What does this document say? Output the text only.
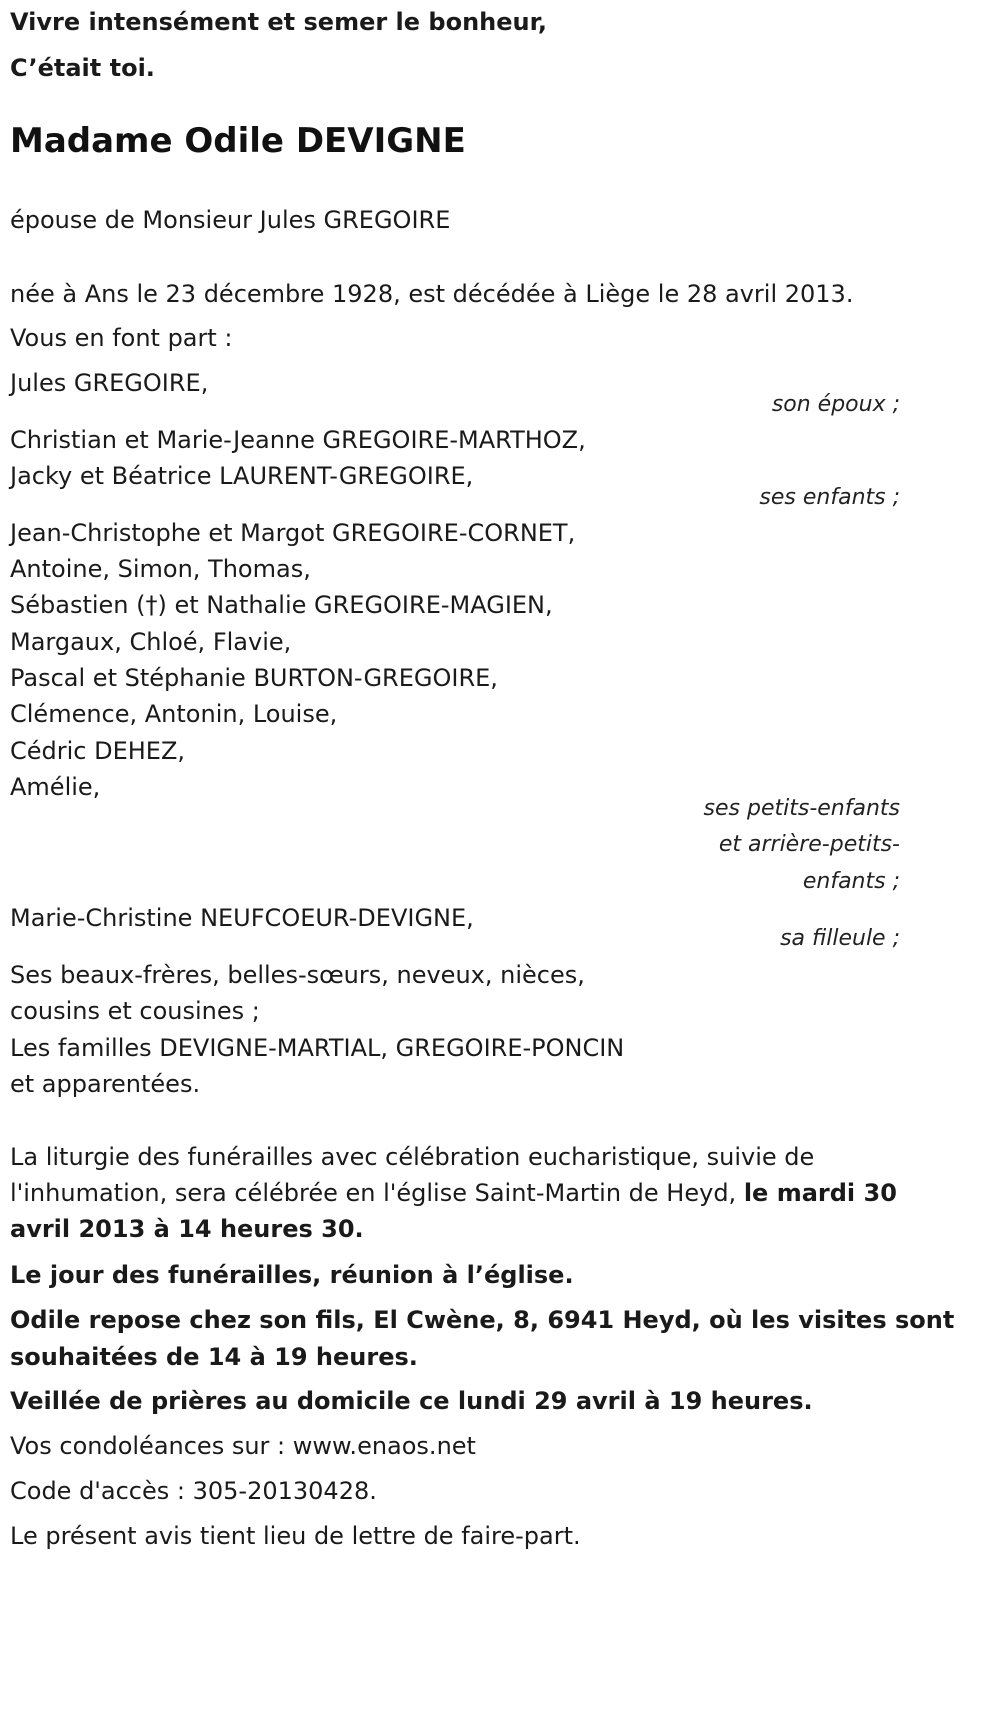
Vivre intensément et semer le bonheur,
C’était toi.
Madame Odile DEVIGNE
épouse de Monsieur Jules GREGOIRE
née à Ans le 23 décembre 1928, est décédée à Liège le 28 avril 2013.
Vous en font part :
Jules GREGOIRE,
son époux ;
Christian et Marie-Jeanne GREGOIRE-MARTHOZ,
Jacky et Béatrice LAURENT-GREGOIRE,
ses enfants ;
Jean-Christophe et Margot GREGOIRE-CORNET,
Antoine, Simon, Thomas,
Sébastien (†) et Nathalie GREGOIRE-MAGIEN,
Margaux, Chloé, Flavie,
Pascal et Stéphanie BURTON-GREGOIRE,
Clémence, Antonin, Louise,
Cédric DEHEZ,
Amélie,
ses petits-enfants
et arrière-petits-
enfants ;
Marie-Christine NEUFCOEUR-DEVIGNE,
sa filleule ;
Ses beaux-frères, belles-sœurs, neveux, nièces,
cousins et cousines ;
Les familles DEVIGNE-MARTIAL, GREGOIRE-PONCIN
et apparentées.
La liturgie des funérailles avec célébration eucharistique, suivie de
l'inhumation, sera célébrée en l'église Saint-Martin de Heyd, le mardi 30
avril 2013 à 14 heures 30.
Le jour des funérailles, réunion à l’église.
Odile repose chez son fils, El Cwène, 8, 6941 Heyd, où les visites sont
souhaitées de 14 à 19 heures.
Veillée de prières au domicile ce lundi 29 avril à 19 heures.
Vos condoléances sur : www.enaos.net
Code d'accès : 305-20130428.
Le présent avis tient lieu de lettre de faire-part.
